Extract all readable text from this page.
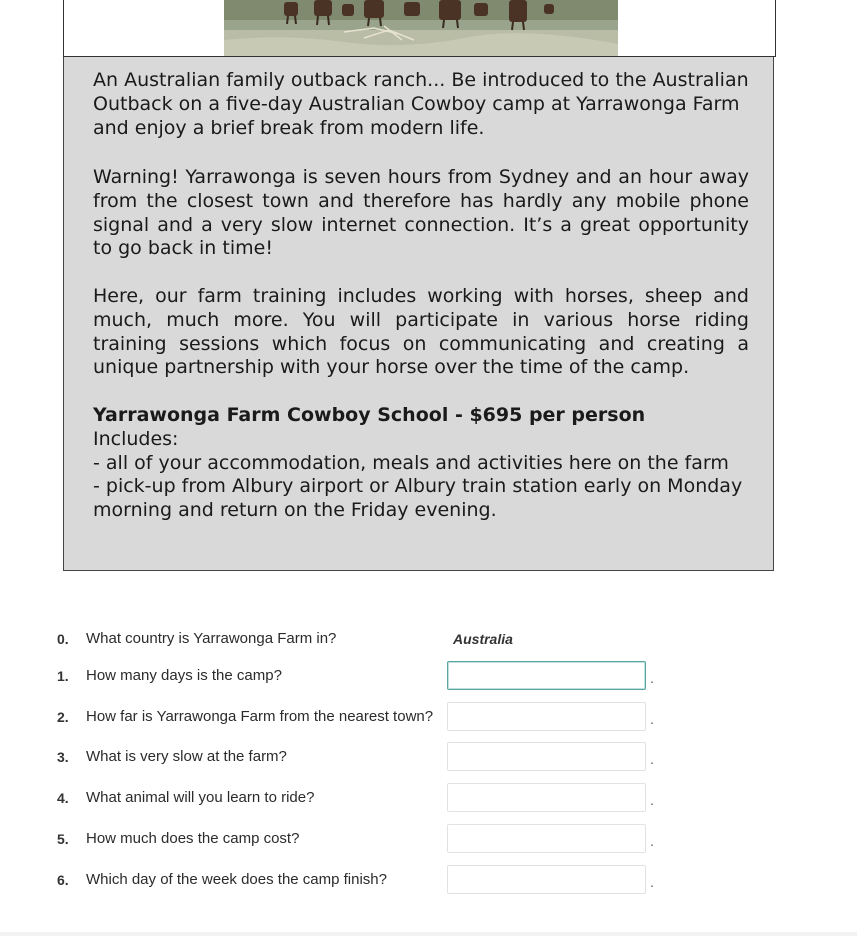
An Australian family outback ranch... Be introduced to the Australian Outback on a five-day Australian Cowboy camp at Yarrawonga Farm and enjoy a brief break from modern life.

Warning! Yarrawonga is seven hours from Sydney and an hour away from the closest town and therefore has hardly any mobile phone signal and a very slow internet connection. It’s a great opportunity to go back in time!

Here, our farm training includes working with horses, sheep and much, much more. You will participate in various horse riding training sessions which focus on communicating and creating a unique partnership with your horse over the time of the camp.

Yarrawonga Farm Cowboy School - $695 per person
Includes:
- all of your accommodation, meals and activities here on the farm
- pick-up from Albury airport or Albury train station early on Monday morning and return on the Friday evening.
0. What country is Yarrawonga Farm in?	Australia
1. How many days is the camp?	.
2. How far is Yarrawonga Farm from the nearest town?	.
3. What is very slow at the farm?	.
4. What animal will you learn to ride?	.
5. How much does the camp cost?	.
6. Which day of the week does the camp finish?	.
